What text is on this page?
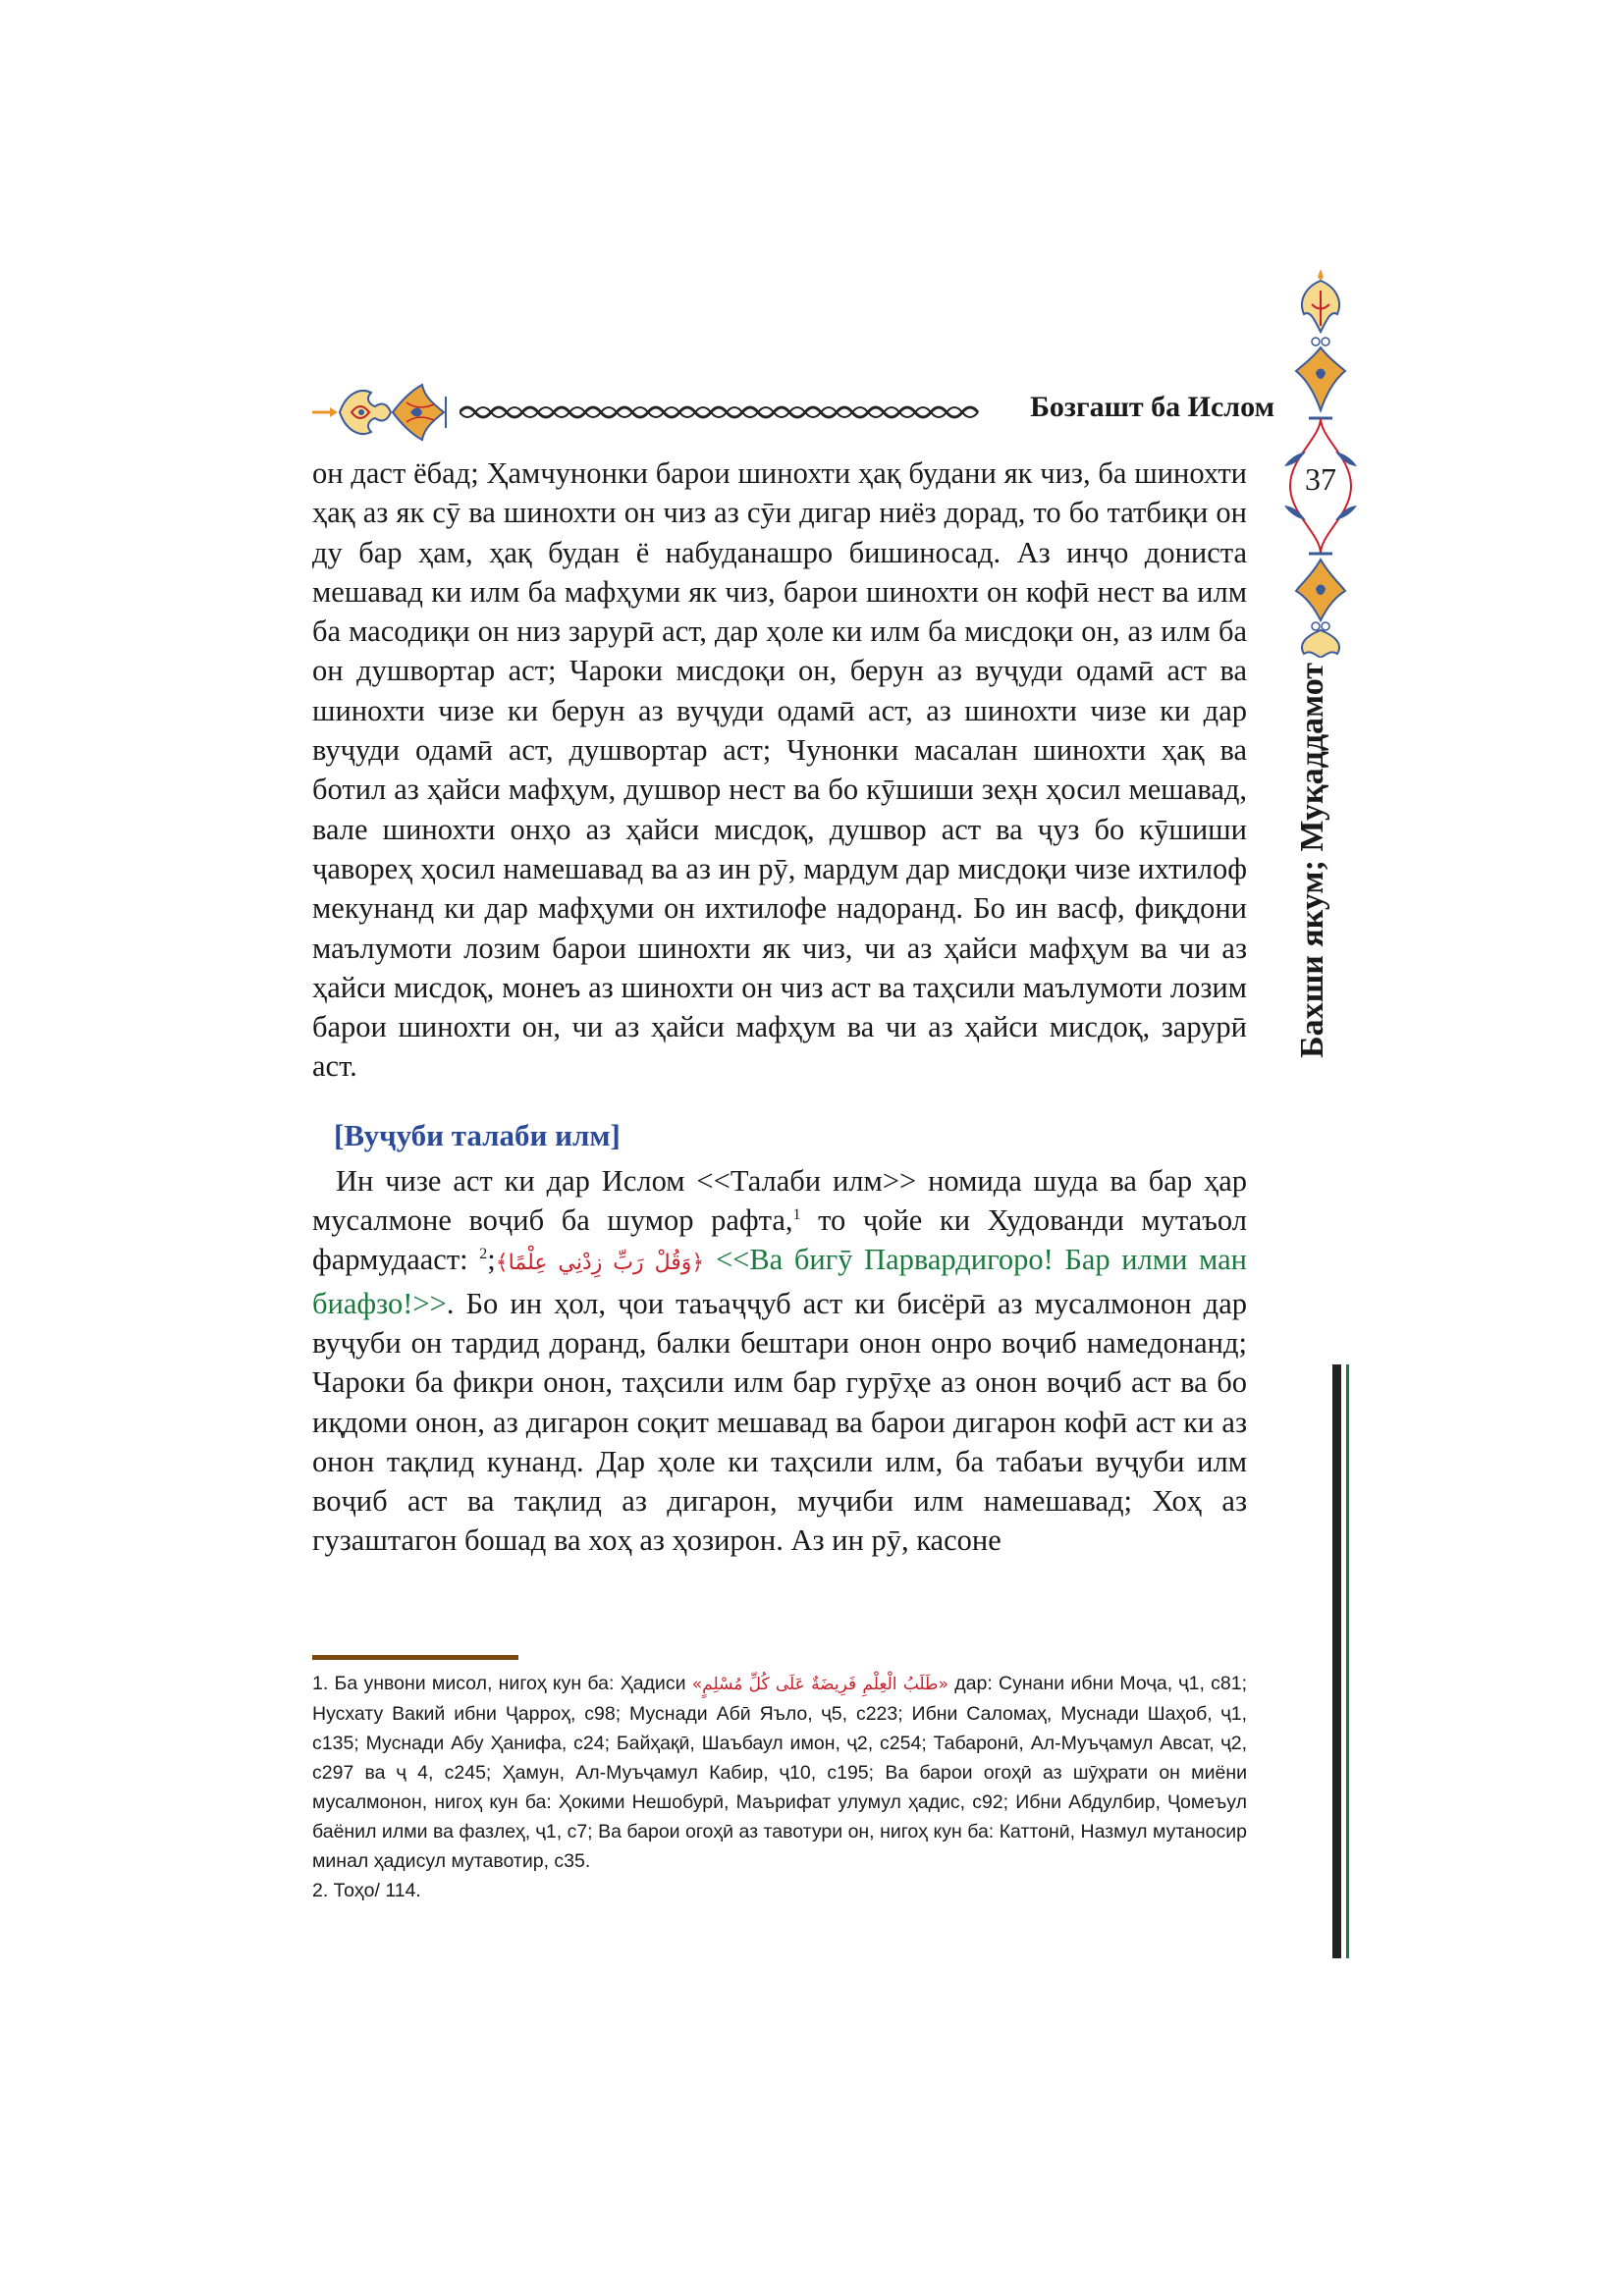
Бозгашт ба Ислом
37
Бахши якум; Муқаддамот

он даст ёбад; Ҳамчунонки барои шинохти ҳақ будани як чиз, ба шинохти ҳақ аз як сӯ ва шинохти он чиз аз сӯи дигар ниёз дорад, то бо татбиқи он ду бар ҳам, ҳақ будан ё набуданашро бишиносад. Аз инҷо дониста мешавад ки илм ба мафҳуми як чиз, барои шинохти он кофӣ нест ва илм ба масодиқи он низ зарурӣ аст, дар ҳоле ки илм ба мисдоқи он, аз илм ба он душвортар аст; Чароки мисдоқи он, берун аз вуҷуди одамӣ аст ва шинохти чизе ки берун аз вуҷуди одамӣ аст, аз шинохти чизе ки дар вуҷуди одамӣ аст, душвортар аст; Чунонки масалан шинохти ҳақ ва ботил аз ҳайси мафҳум, душвор нест ва бо кӯшиши зеҳн ҳосил мешавад, вале шинохти онҳо аз ҳайси мисдоқ, душвор аст ва ҷуз бо кӯшиши ҷавореҳ ҳосил намешавад ва аз ин рӯ, мардум дар мисдоқи чизе ихтилоф мекунанд ки дар мафҳуми он ихтилофе надоранд. Бо ин васф, фиқдони маълумоти лозим барои шинохти як чиз, чи аз ҳайси мафҳум ва чи аз ҳайси мисдоқ, монеъ аз шинохти он чиз аст ва таҳсили маълумоти лозим барои шинохти он, чи аз ҳайси мафҳум ва чи аз ҳайси мисдоқ, зарурӣ аст.

[Вуҷуби талаби илм]

Ин чизе аст ки дар Ислом <<Талаби илм>> номида шуда ва бар ҳар мусалмоне воҷиб ба шумор рафта,$^1$ то ҷойе ки Худованди мутаъол фармудааст: ﴿وَقُلْ رَبِّ زِدْنِي عِلْمًا﴾;$^2$	<<Ва бигӯ Парвардигоро! Бар илми ман биафзо!>>. Бо ин ҳол, ҷои таъаҷҷуб аст ки бисёрӣ аз мусалмонон дар вуҷуби он тардид доранд, балки бештари онон онро воҷиб намедонанд; Чароки ба фикри онон, таҳсили илм бар гурӯҳе аз онон воҷиб аст ва бо иқдоми онон, аз дигарон соқит мешавад ва барои дигарон кофӣ аст ки аз онон тақлид кунанд. Дар ҳоле ки таҳсили илм, ба табаъи вуҷуби илм воҷиб аст ва тақлид аз дигарон, муҷиби илм намешавад; Хоҳ аз гузаштагон бошад ва хоҳ аз ҳозирон. Аз ин рӯ, касоне

1. Ба унвони мисол, нигоҳ кун ба: Ҳадиси «طَلَبُ الْعِلْمِ فَرِيضَةٌ عَلَى كُلِّ مُسْلِمٍ» дар: Сунани ибни Моҷа, ҷ1, с81; Нусхату Вакий ибни Ҷарроҳ, с98; Муснади Абӣ Яъло, ҷ5, с223; Ибни Саломаҳ, Муснади Шаҳоб, ҷ1, с135; Муснади Абу Ҳанифа, с24; Байҳақӣ, Шаъбаул имон, ҷ2, с254; Табаронӣ, Ал-Муъҷамул Авсат, ҷ2, с297 ва ҷ 4, с245; Ҳамун, Ал-Муъҷамул Кабир, ҷ10, с195; Ва барои огоҳӣ аз шӯҳрати он миёни мусалмонон, нигоҳ кун ба: Ҳокими Нешобурӣ, Маърифат улумул ҳадис, с92; Ибни Абдулбир, Ҷомеъул баёнил илми ва фазлеҳ, ҷ1, с7; Ва барои огоҳӣ аз тавотури он, нигоҳ кун ба: Каттонӣ, Назмул мутаносир минал ҳадисул мутавотир, с35.

2. Тоҳо/ 114.
